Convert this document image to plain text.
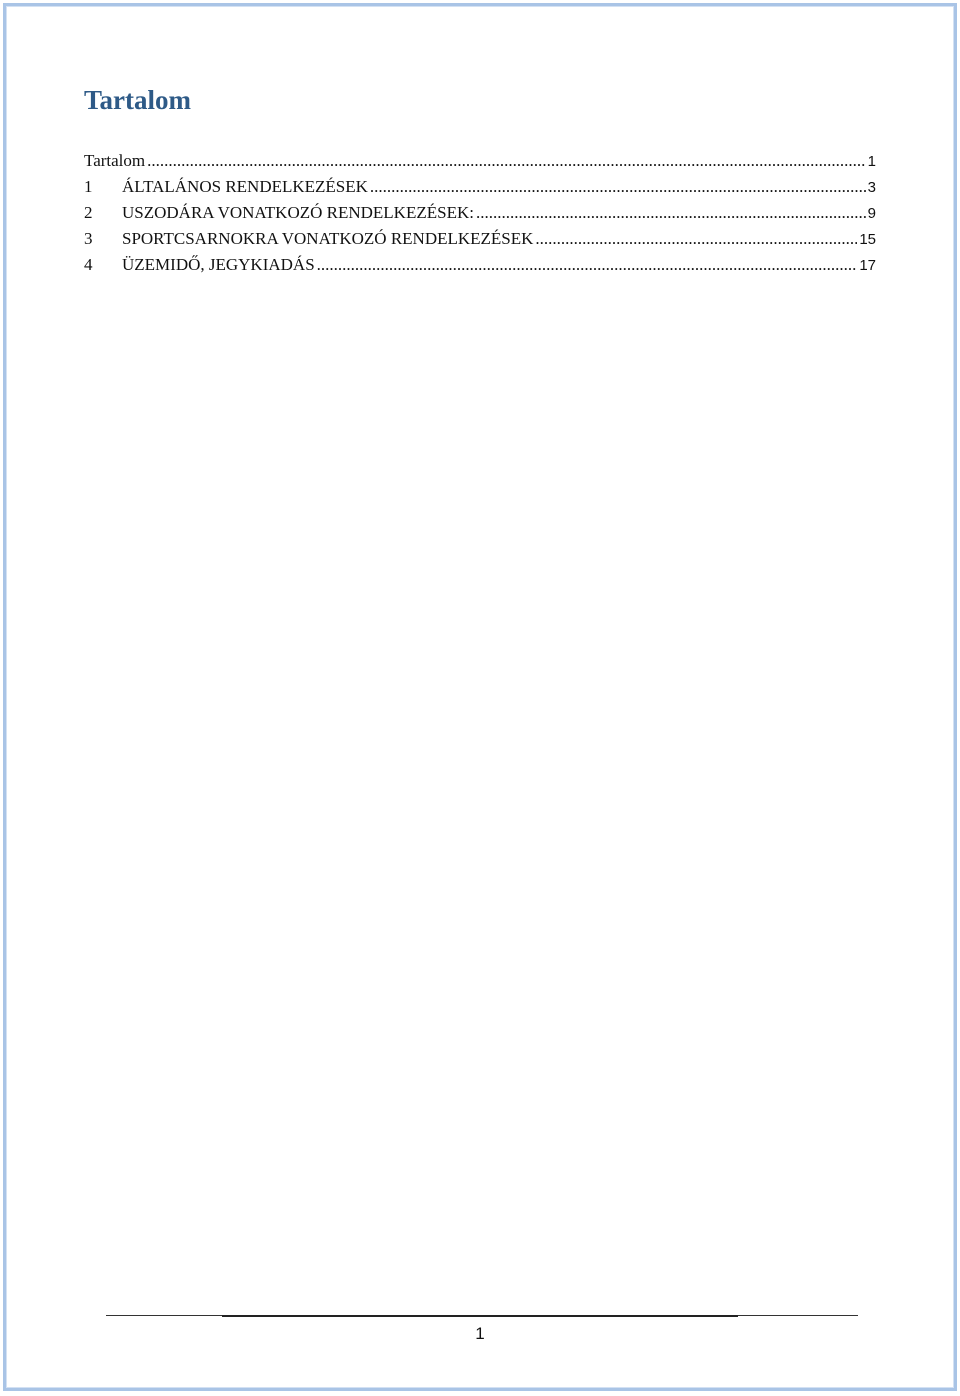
Tartalom
Tartalom .....	1
1	ÁLTALÁNOS RENDELKEZÉSEK .....	3
2	USZODÁRA VONATKOZÓ RENDELKEZÉSEK: .....	9
3	SPORTCSARNOKRA VONATKOZÓ RENDELKEZÉSEK .....	15
4	ÜZEMIDŐ, JEGYKIADÁS .....	17
1
